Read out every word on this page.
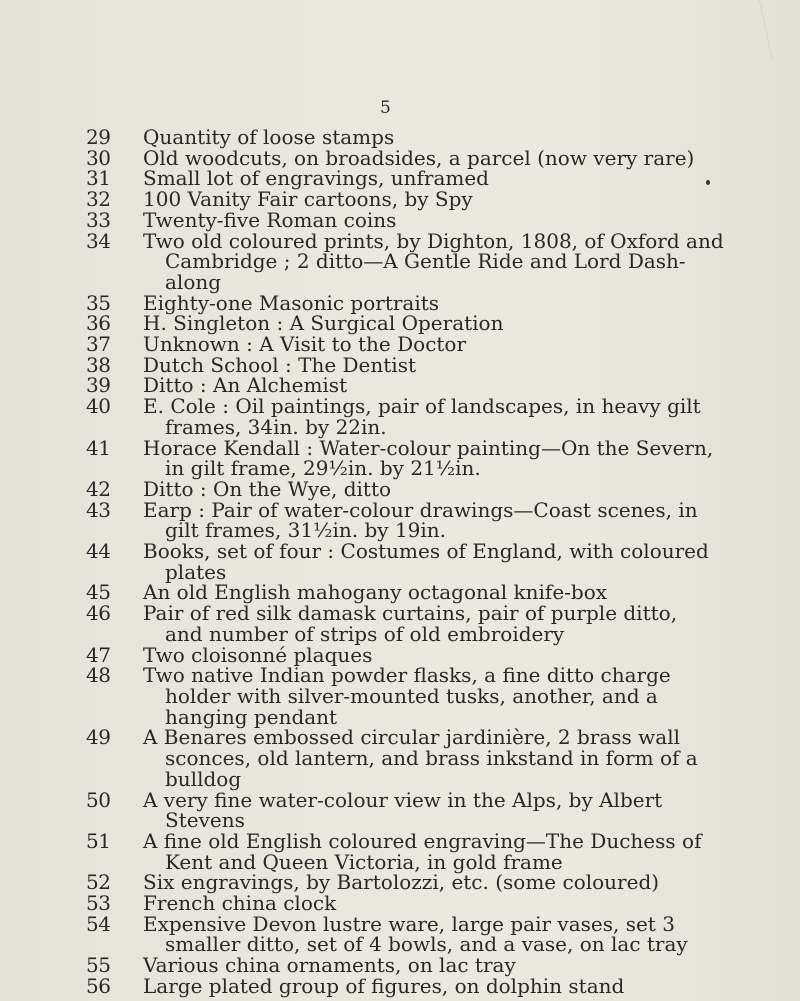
5
29	Quantity of loose stamps
30	Old woodcuts, on broadsides, a parcel (now very rare)
31	Small lot of engravings, unframed
32	100 Vanity Fair cartoons, by Spy
33	Twenty-five Roman coins
34	Two old coloured prints, by Dighton, 1808, of Oxford and
Cambridge ; 2 ditto—A Gentle Ride and Lord Dash-
along
35	Eighty-one Masonic portraits
36	H. Singleton : A Surgical Operation
37	Unknown : A Visit to the Doctor
38	Dutch School : The Dentist
39	Ditto : An Alchemist
40	E. Cole : Oil paintings, pair of landscapes, in heavy gilt
frames, 34in. by 22in.
41	Horace Kendall : Water-colour painting—On the Severn,
in gilt frame, 29½in. by 21½in.
42	Ditto : On the Wye, ditto
43	Earp : Pair of water-colour drawings—Coast scenes, in
gilt frames, 31½in. by 19in.
44	Books, set of four : Costumes of England, with coloured
plates
45	An old English mahogany octagonal knife-box
46	Pair of red silk damask curtains, pair of purple ditto,
and number of strips of old embroidery
47	Two cloisonné plaques
48	Two native Indian powder flasks, a fine ditto charge
holder with silver-mounted tusks, another, and a
hanging pendant
49	A Benares embossed circular jardinière, 2 brass wall
sconces, old lantern, and brass inkstand in form of a
bulldog
50	A very fine water-colour view in the Alps, by Albert
Stevens
51	A fine old English coloured engraving—The Duchess of
Kent and Queen Victoria, in gold frame
52	Six engravings, by Bartolozzi, etc. (some coloured)
53	French china clock
54	Expensive Devon lustre ware, large pair vases, set 3
smaller ditto, set of 4 bowls, and a vase, on lac tray
55	Various china ornaments, on lac tray
56	Large plated group of figures, on dolphin stand
